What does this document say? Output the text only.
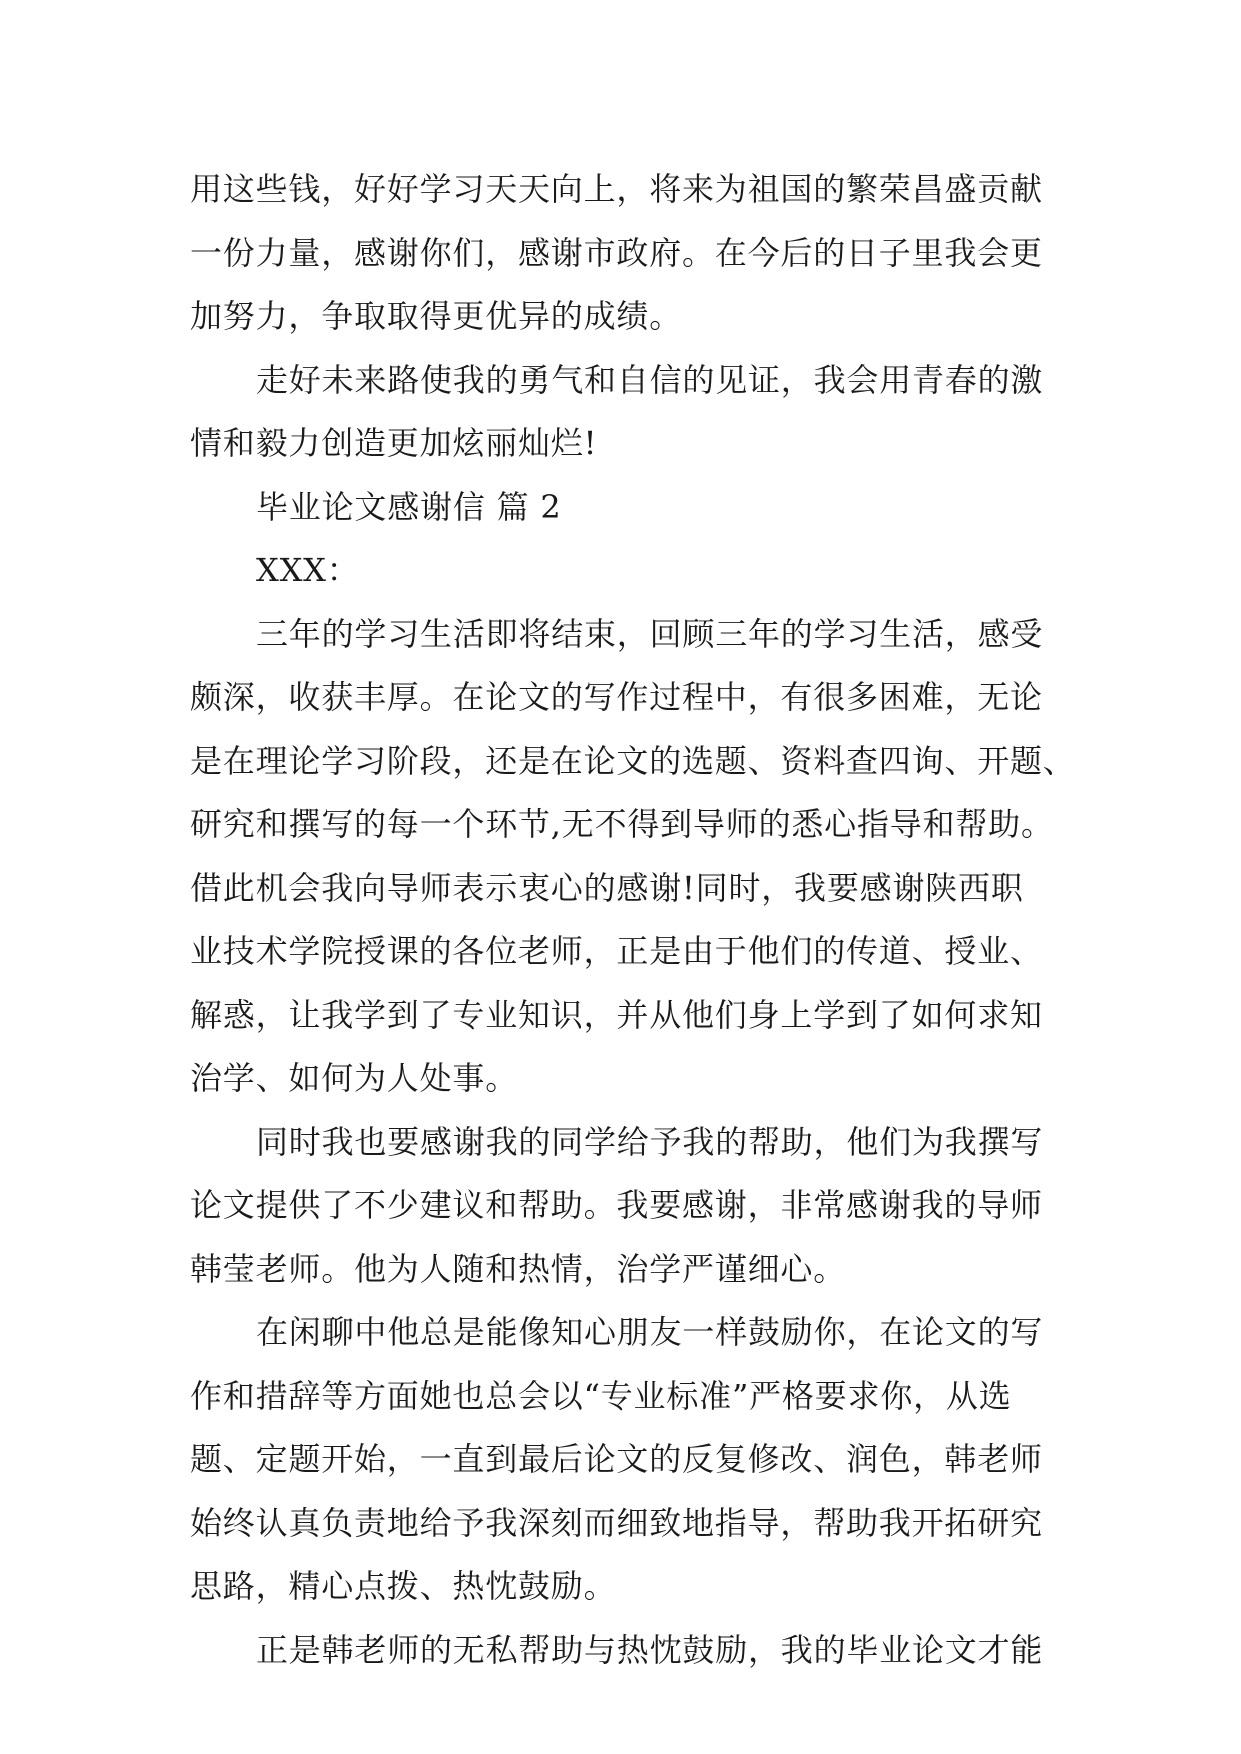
用这些钱，好好学习天天向上，将来为祖国的繁荣昌盛贡献
一份力量，感谢你们，感谢市政府。在今后的日子里我会更
加努力，争取取得更优异的成绩。
走好未来路使我的勇气和自信的见证，我会用青春的激
情和毅力创造更加炫丽灿烂!
毕业论文感谢信 篇 2
XXX：
三年的学习生活即将结束，回顾三年的学习生活，感受
颇深，收获丰厚。在论文的写作过程中，有很多困难，无论
是在理论学习阶段，还是在论文的选题、资料查四询、开题、
研究和撰写的每一个环节,无不得到导师的悉心指导和帮助。
借此机会我向导师表示衷心的感谢!同时，我要感谢陕西职
业技术学院授课的各位老师，正是由于他们的传道、授业、
解惑，让我学到了专业知识，并从他们身上学到了如何求知
治学、如何为人处事。
同时我也要感谢我的同学给予我的帮助，他们为我撰写
论文提供了不少建议和帮助。我要感谢，非常感谢我的导师
韩莹老师。他为人随和热情，治学严谨细心。
在闲聊中他总是能像知心朋友一样鼓励你，在论文的写
作和措辞等方面她也总会以“专业标准”严格要求你，从选
题、定题开始，一直到最后论文的反复修改、润色，韩老师
始终认真负责地给予我深刻而细致地指导，帮助我开拓研究
思路，精心点拨、热忱鼓励。
正是韩老师的无私帮助与热忱鼓励，我的毕业论文才能
